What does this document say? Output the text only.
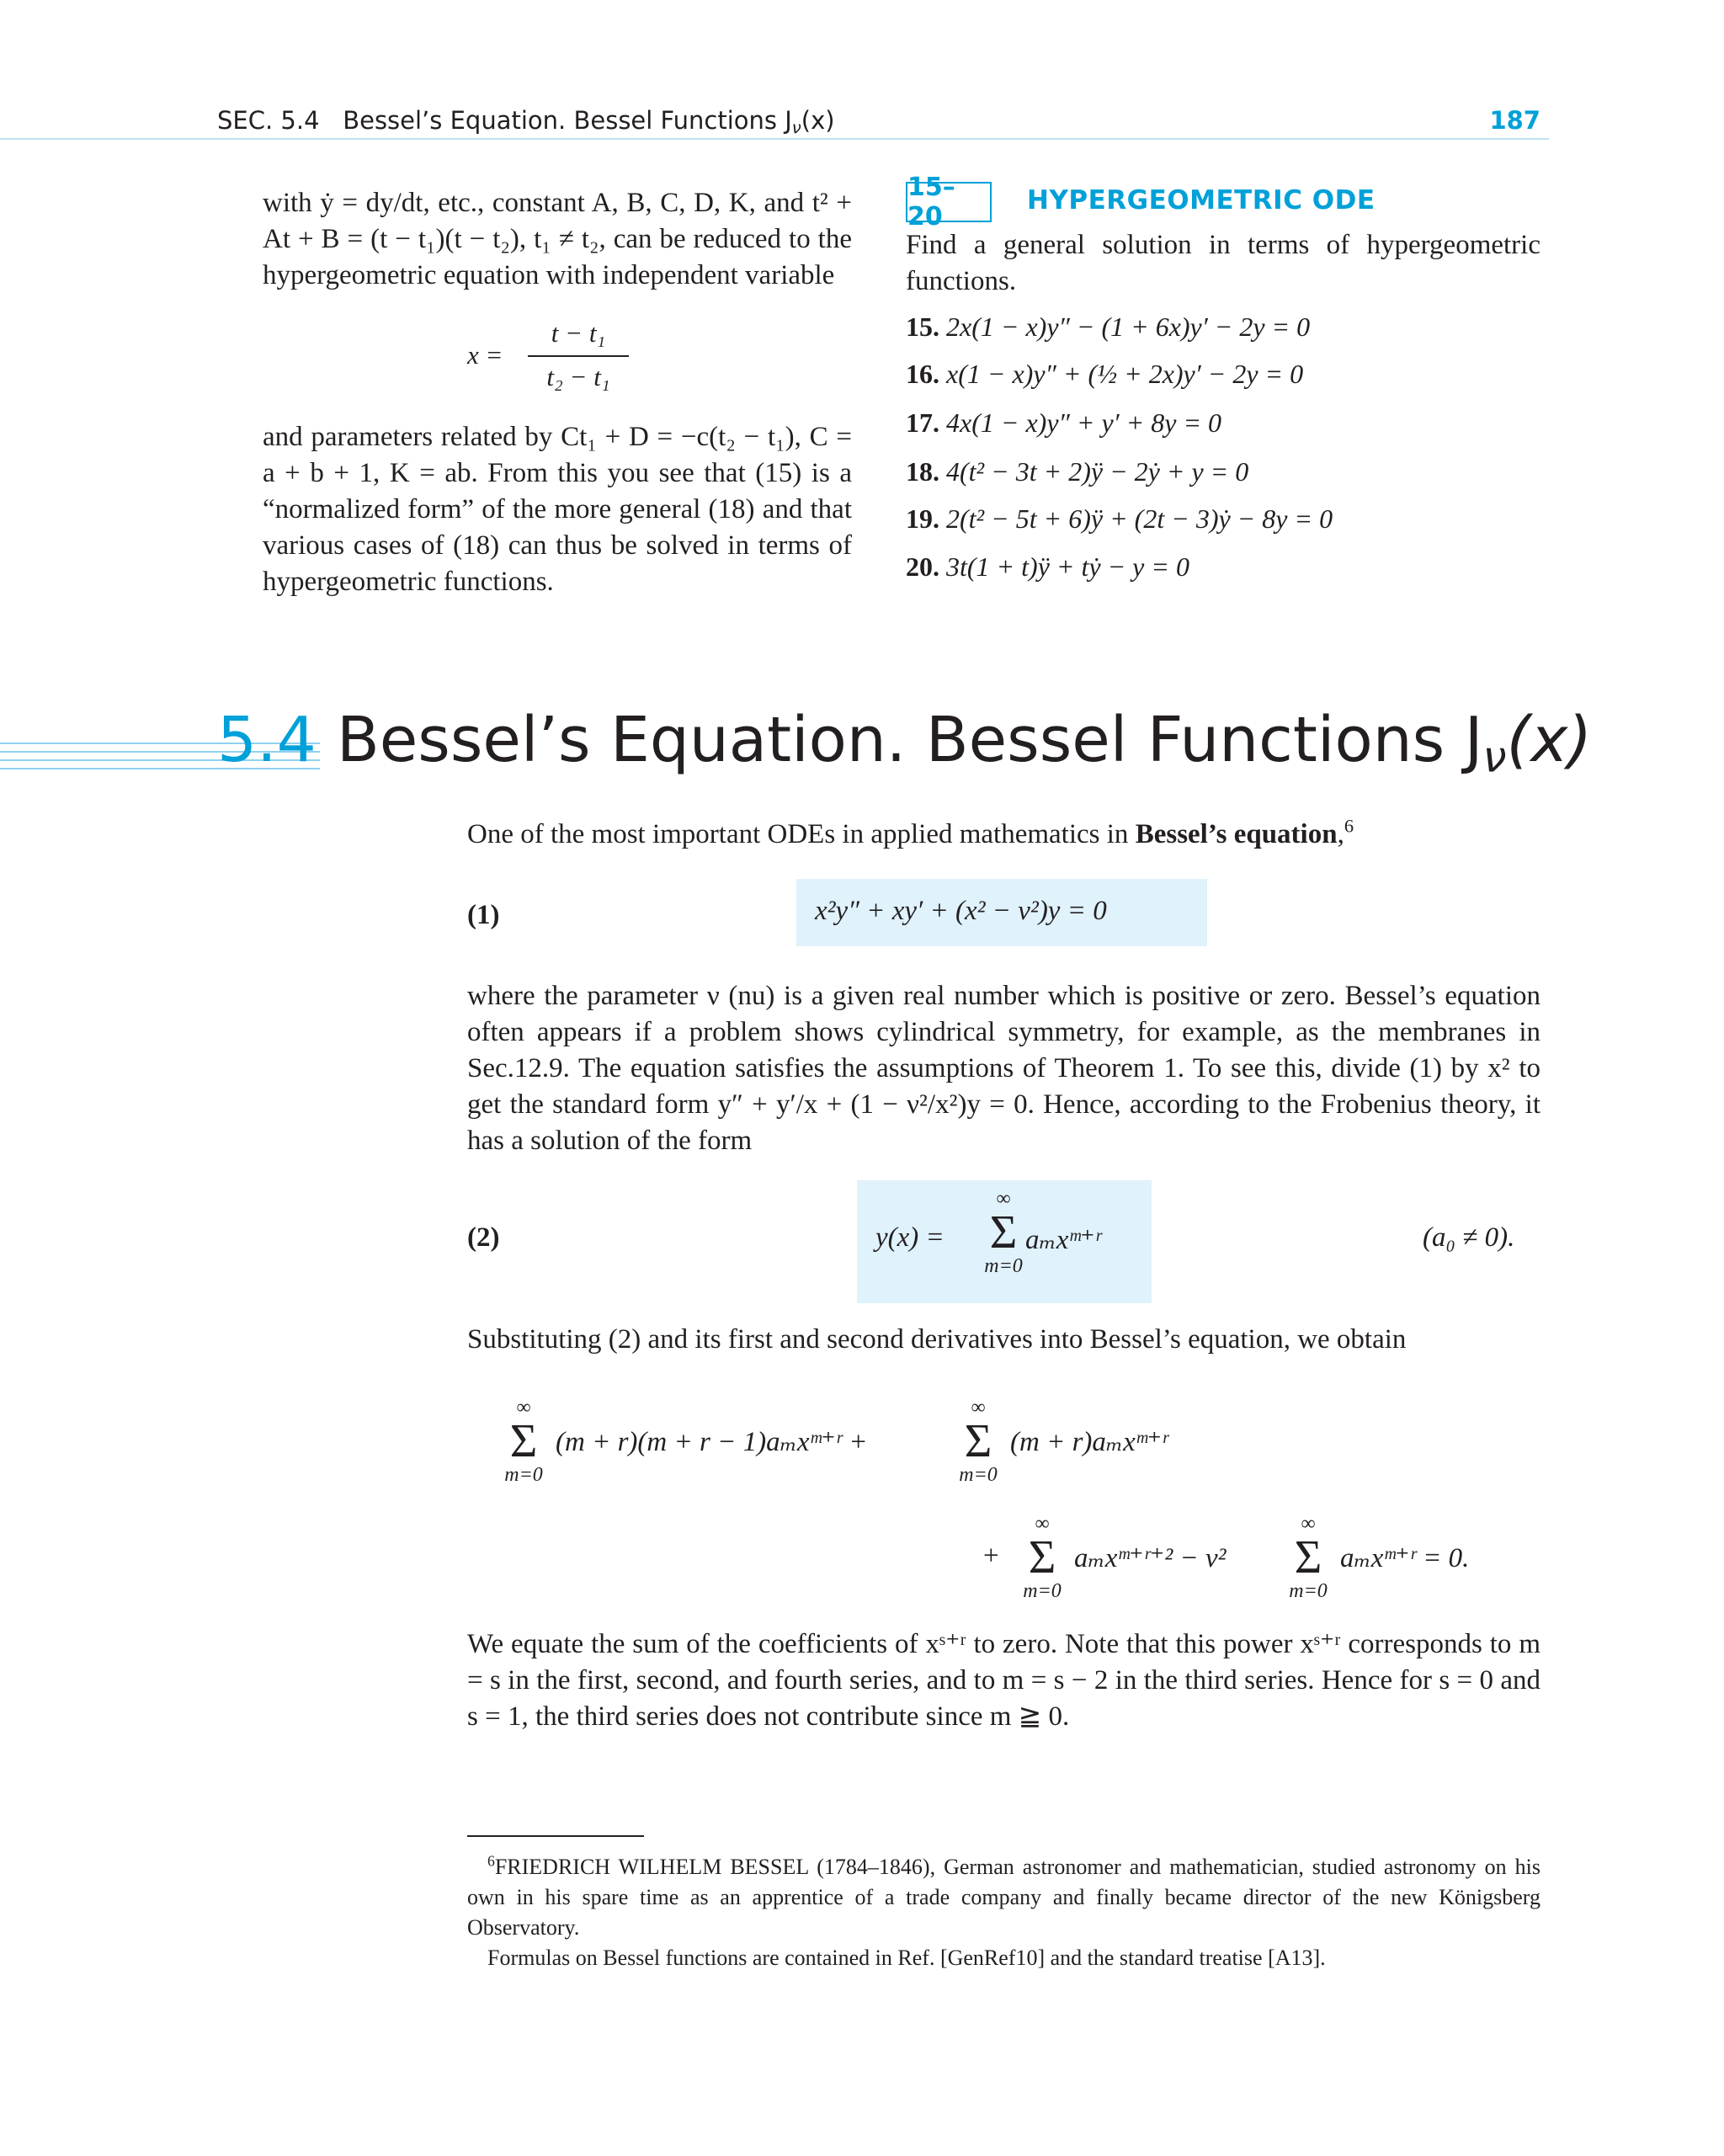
SEC. 5.4 Bessel’s Equation. Bessel Functions $J_\nu(x)$	187
with ẏ = dy/dt, etc., constant A, B, C, D, K, and t² + At + B = (t − t₁)(t − t₂), t₁ ≠ t₂, can be reduced to the hypergeometric equation with independent variable
x =
t − t₁
t₂ − t₁
and parameters related by Ct₁ + D = −c(t₂ − t₁), C = a + b + 1, K = ab. From this you see that (15) is a “normalized form” of the more general (18) and that various cases of (18) can thus be solved in terms of hypergeometric functions.
15–20
HYPERGEOMETRIC ODE
Find a general solution in terms of hypergeometric functions.
15. 2x(1 − x)y″ − (1 + 6x)y′ − 2y = 0
16. x(1 − x)y″ + (½ + 2x)y′ − 2y = 0
17. 4x(1 − x)y″ + y′ + 8y = 0
18. 4(t² − 3t + 2)ÿ − 2ẏ + y = 0
19. 2(t² − 5t + 6)ÿ + (2t − 3)ẏ − 8y = 0
20. 3t(1 + t)ÿ + tẏ − y = 0
5.4 Bessel’s Equation. Bessel Functions $J_\nu(x)$
One of the most important ODEs in applied mathematics in Bessel’s equation,$^6$
(1)	x²y″ + xy′ + (x² − ν²)y = 0
where the parameter ν (nu) is a given real number which is positive or zero. Bessel’s equation often appears if a problem shows cylindrical symmetry, for example, as the membranes in Sec.12.9. The equation satisfies the assumptions of Theorem 1. To see this, divide (1) by x² to get the standard form y″ + y′/x + (1 − ν²/x²)y = 0. Hence, according to the Frobenius theory, it has a solution of the form
(2)	y(x) =
∞
Σ
m=0
aₘxᵐ⁺ʳ	(a₀ ≠ 0).
Substituting (2) and its first and second derivatives into Bessel’s equation, we obtain
∞
Σ
m=0
(m + r)(m + r − 1)aₘxᵐ⁺ʳ +
∞
Σ
m=0
(m + r)aₘxᵐ⁺ʳ
+
∞
Σ
m=0
aₘxᵐ⁺ʳ⁺² − ν²
∞
Σ
m=0
aₘxᵐ⁺ʳ = 0.
We equate the sum of the coefficients of xˢ⁺ʳ to zero. Note that this power xˢ⁺ʳ corresponds to m = s in the first, second, and fourth series, and to m = s − 2 in the third series. Hence for s = 0 and s = 1, the third series does not contribute since m ≧ 0.
$^6$FRIEDRICH WILHELM BESSEL (1784–1846), German astronomer and mathematician, studied astronomy on his own in his spare time as an apprentice of a trade company and finally became director of the new Königsberg Observatory.
Formulas on Bessel functions are contained in Ref. [GenRef10] and the standard treatise [A13].
